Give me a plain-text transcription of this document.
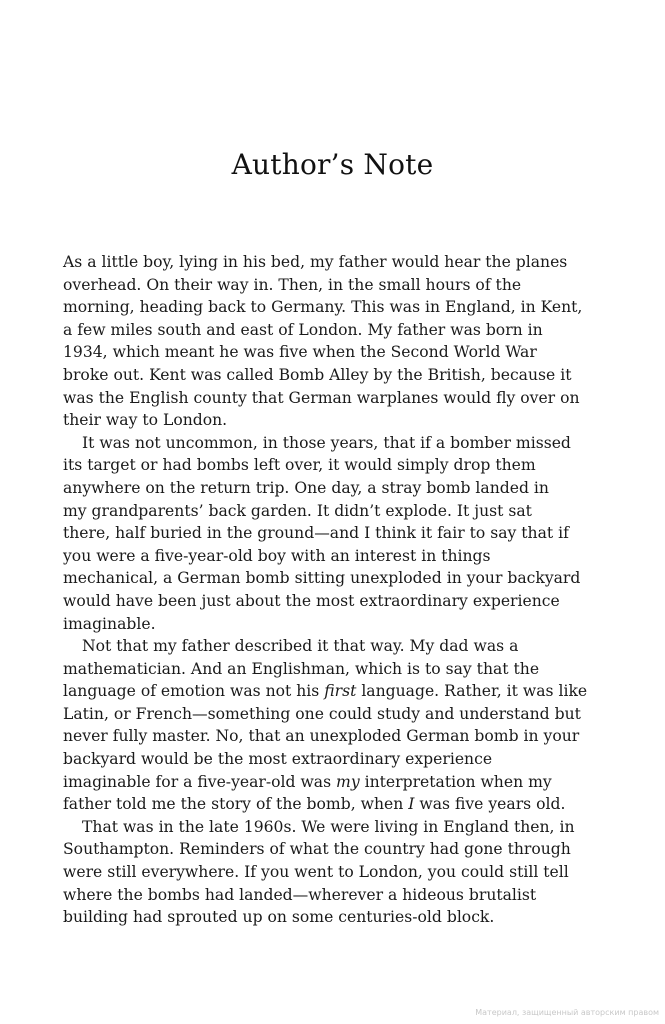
Author’s Note
As a little boy, lying in his bed, my father would hear the planes
overhead. On their way in. Then, in the small hours of the
morning, heading back to Germany. This was in England, in Kent,
a few miles south and east of London. My father was born in
1934, which meant he was five when the Second World War
broke out. Kent was called Bomb Alley by the British, because it
was the English county that German warplanes would fly over on
their way to London.
It was not uncommon, in those years, that if a bomber missed
its target or had bombs left over, it would simply drop them
anywhere on the return trip. One day, a stray bomb landed in
my grandparents’ back garden. It didn’t explode. It just sat
there, half buried in the ground—and I think it fair to say that if
you were a five-year-old boy with an interest in things
mechanical, a German bomb sitting unexploded in your backyard
would have been just about the most extraordinary experience
imaginable.
Not that my father described it that way. My dad was a
mathematician. And an Englishman, which is to say that the
language of emotion was not his first language. Rather, it was like
Latin, or French—something one could study and understand but
never fully master. No, that an unexploded German bomb in your
backyard would be the most extraordinary experience
imaginable for a five-year-old was my interpretation when my
father told me the story of the bomb, when I was five years old.
That was in the late 1960s. We were living in England then, in
Southampton. Reminders of what the country had gone through
were still everywhere. If you went to London, you could still tell
where the bombs had landed—wherever a hideous brutalist
building had sprouted up on some centuries-old block.
Материал, защищенный авторским правом
